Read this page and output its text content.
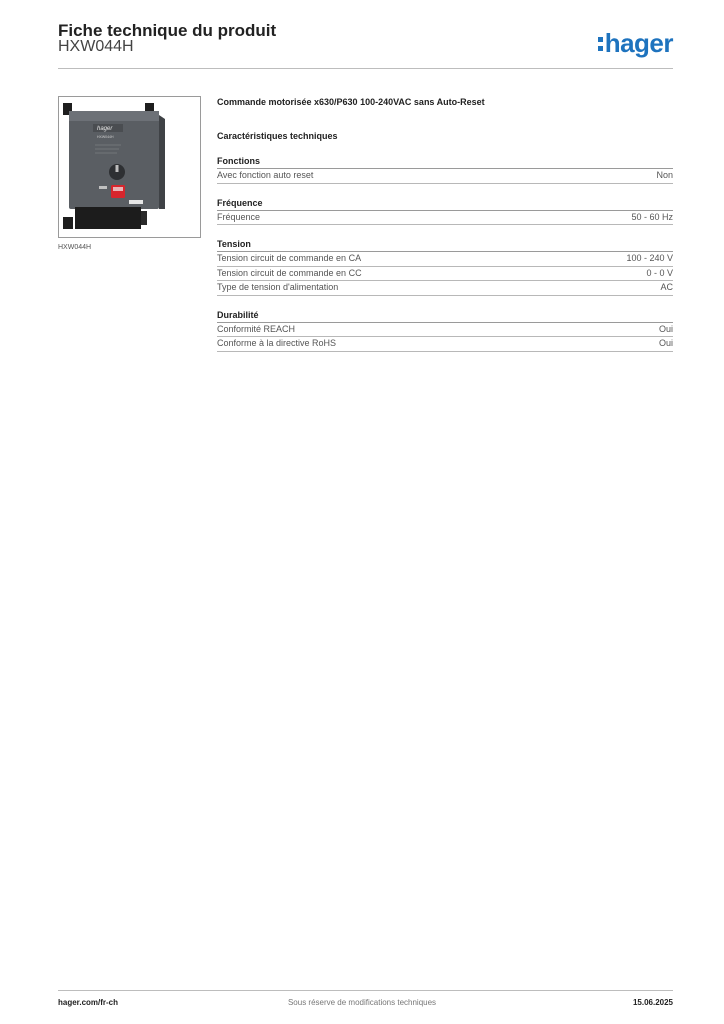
Fiche technique du produit
HXW044H	hager
hager
HXW044H
HXW044H
Commande motorisée x630/P630 100-240VAC sans Auto-Reset
Caractéristiques techniques
Fonctions
Avec fonction auto reset	Non
Fréquence
Fréquence	50 - 60 Hz
Tension
Tension circuit de commande en CA	100 - 240 V
Tension circuit de commande en CC	0 - 0 V
Type de tension d'alimentation	AC
Durabilité
Conformité REACH	Oui
Conforme à la directive RoHS	Oui
hager.com/fr-ch	Sous réserve de modifications techniques	15.06.2025
